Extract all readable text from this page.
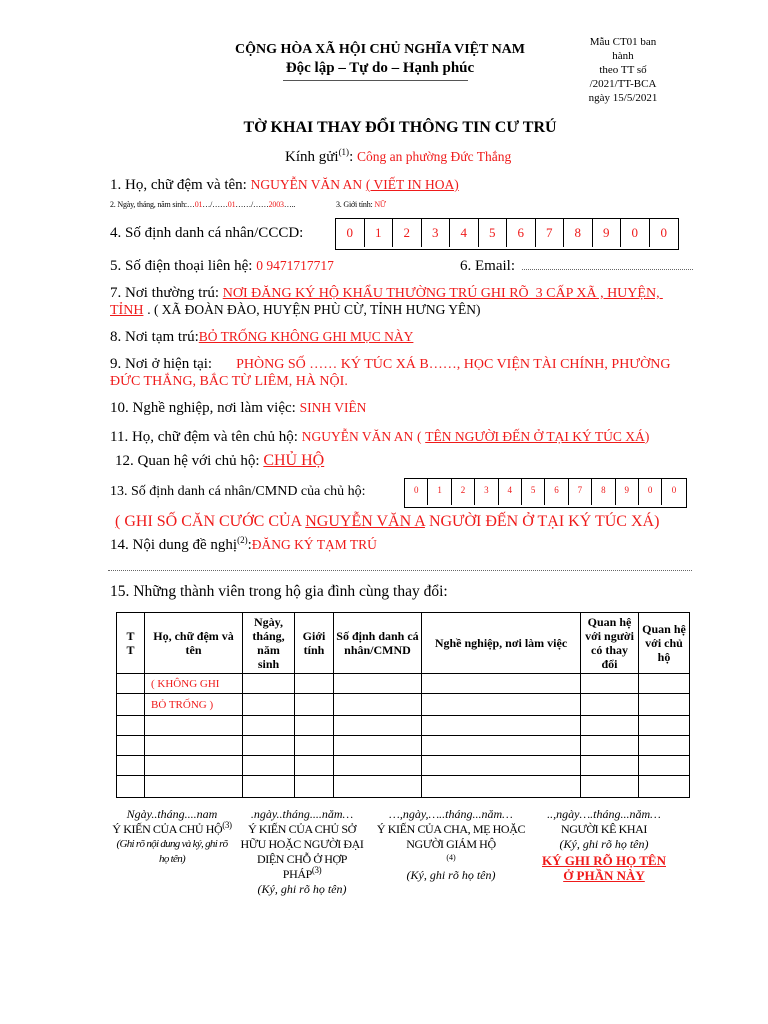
CỘNG HÒA XÃ HỘI CHỦ NGHĨA VIỆT NAM
Độc lập – Tự do – Hạnh phúc
Mẫu CT01 ban
hành
theo TT số
/2021/TT-BCA
ngày 15/5/2021
TỜ KHAI THAY ĐỔI THÔNG TIN CƯ TRÚ
Kính gửi$^{(1)}$: Công an phường Đức Thắng
1. Họ, chữ đệm và tên: NGUYỄN VĂN AN ( VIẾT IN HOA)
2. Ngày, tháng, năm sinh:…01…/……01……/……2003…..	3. Giới tính: NỮ
4. Số định danh cá nhân/CCCD:	0	1	2	3	4	5	6	7	8	9	0	0
5. Số điện thoại liên hệ: 0 9471717717	6. Email:
7. Nơi thường trú: NƠI ĐĂNG KÝ HỘ KHẨU THƯỜNG TRÚ GHI RÕ  3 CẤP XÃ , HUYỆN, TỈNH . ( XÃ ĐOÀN ĐÀO, HUYỆN PHÙ CỪ, TỈNH HƯNG YÊN)
8. Nơi tạm trú:BỎ TRỐNG KHÔNG GHI MỤC NÀY
9. Nơi ở hiện tại: PHÒNG SỐ …… KÝ TÚC XÁ B……, HỌC VIỆN TÀI CHÍNH, PHƯỜNG ĐỨC THẮNG, BẮC TỪ LIÊM, HÀ NỘI.
10. Nghề nghiệp, nơi làm việc: SINH VIÊN
11. Họ, chữ đệm và tên chủ hộ: NGUYỄN VĂN AN ( TÊN NGƯỜI ĐẾN Ở TẠI KÝ TÚC XÁ)
12. Quan hệ với chủ hộ: CHỦ HỘ
13. Số định danh cá nhân/CMND của chủ hộ:	0	1	2	3	4	5	6	7	8	9	0	0
( GHI SỐ CĂN CƯỚC CỦA NGUYỄN VĂN A NGƯỜI ĐẾN Ở TẠI KÝ TÚC XÁ)
14. Nội dung đề nghị$^{(2)}$:ĐĂNG KÝ TẠM TRÚ
15. Những thành viên trong hộ gia đình cùng thay đổi:
TT	Họ, chữ đệm và tên	Ngày, tháng, năm sinh	Giới tính	Số định danh cá nhân/CMND	Nghề nghiệp, nơi làm việc	Quan hệ với người có thay đổi	Quan hệ với chủ hộ
	( KHÔNG GHI						
	BỎ TRỐNG )						

Ngày..tháng....nam
Ý KIẾN CỦA CHỦ HỘ$^{(3)}$
(Ghi rõ nội dung và ký, ghi rõ họ tên)
.ngày..tháng....năm…
Ý KIẾN CỦA CHỦ SỞ HỮU HOẶC NGƯỜI ĐẠI DIỆN CHỖ Ở HỢP PHÁP$^{(3)}$
(Ký, ghi rõ họ tên)
…,ngày,…..tháng...năm…
Ý KIẾN CỦA CHA, MẸ HOẶC NGƯỜI GIÁM HỘ
(4)
(Ký, ghi rõ họ tên)
..,ngày….tháng...năm…
NGƯỜI KÊ KHAI
(Ký, ghi rõ họ tên)
KÝ GHI RÕ HỌ TÊN Ở PHẦN NÀY
